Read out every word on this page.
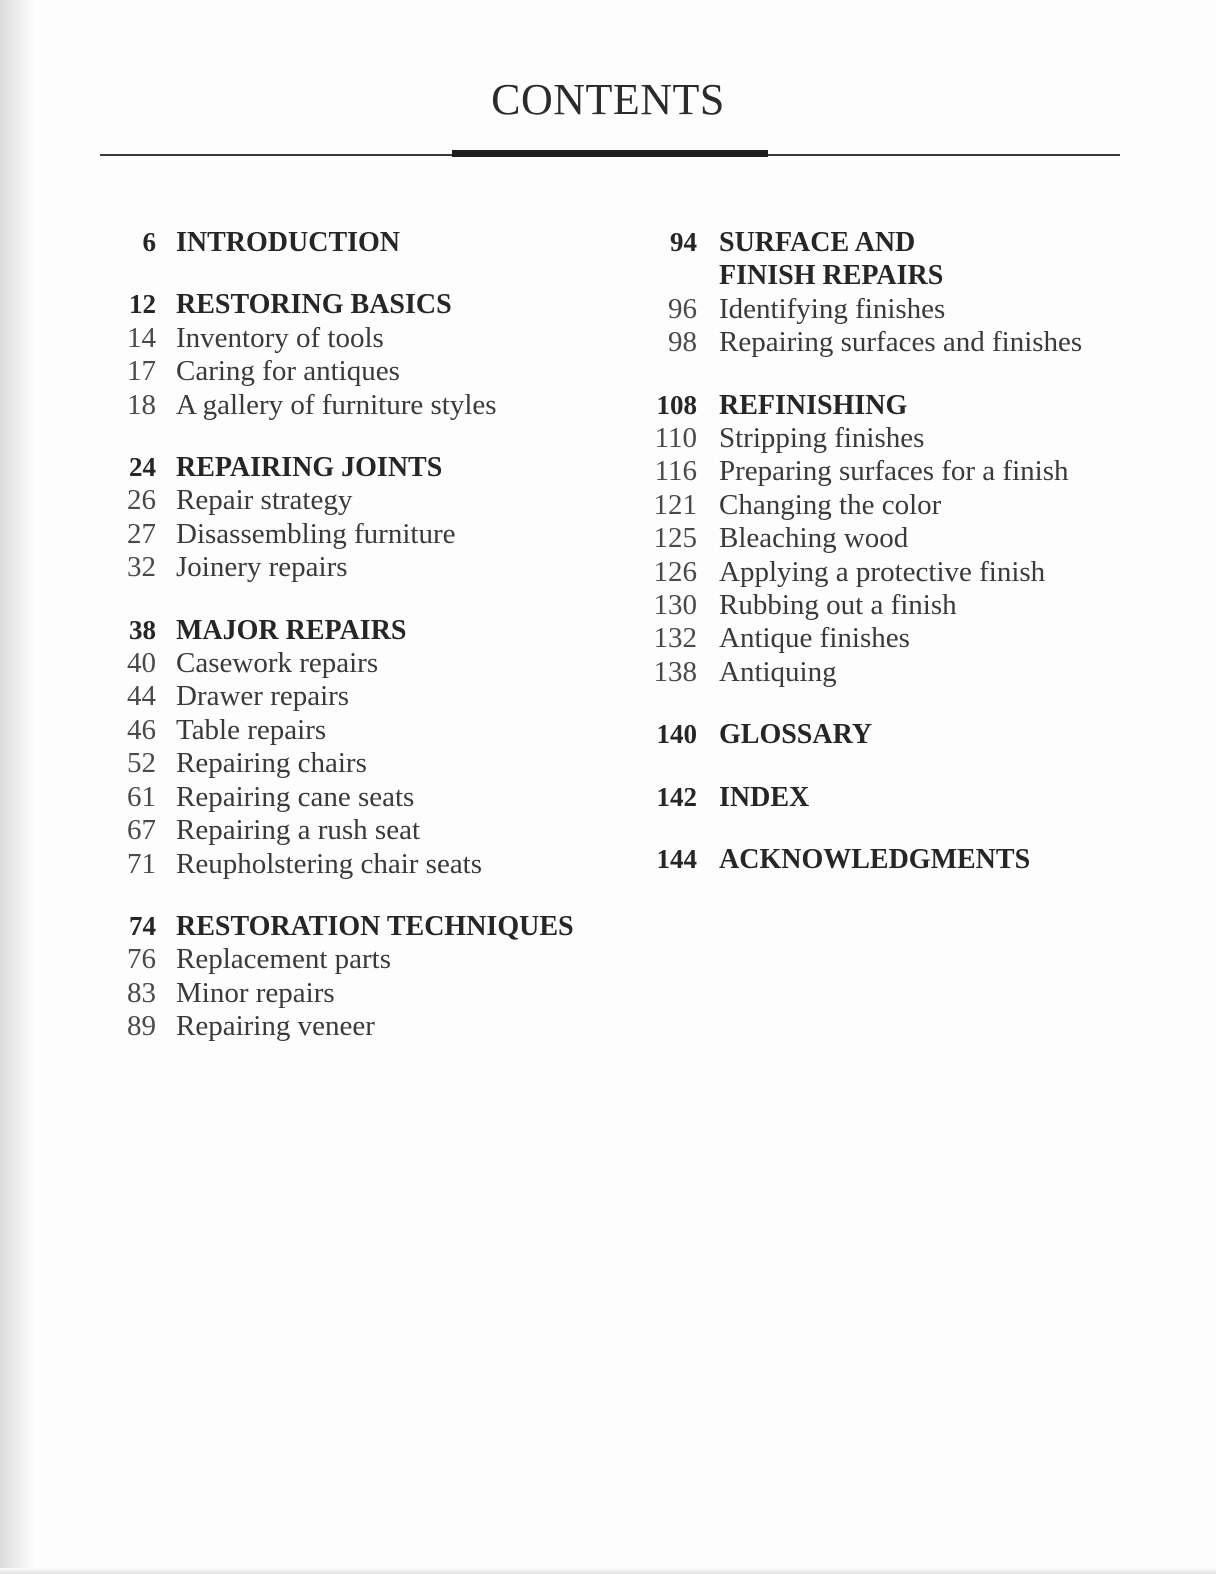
CONTENTS
6 INTRODUCTION
12 RESTORING BASICS
14 Inventory of tools
17 Caring for antiques
18 A gallery of furniture styles
24 REPAIRING JOINTS
26 Repair strategy
27 Disassembling furniture
32 Joinery repairs
38 MAJOR REPAIRS
40 Casework repairs
44 Drawer repairs
46 Table repairs
52 Repairing chairs
61 Repairing cane seats
67 Repairing a rush seat
71 Reupholstering chair seats
74 RESTORATION TECHNIQUES
76 Replacement parts
83 Minor repairs
89 Repairing veneer
94 SURFACE AND
FINISH REPAIRS
96 Identifying finishes
98 Repairing surfaces and finishes
108 REFINISHING
110 Stripping finishes
116 Preparing surfaces for a finish
121 Changing the color
125 Bleaching wood
126 Applying a protective finish
130 Rubbing out a finish
132 Antique finishes
138 Antiquing
140 GLOSSARY
142 INDEX
144 ACKNOWLEDGMENTS
